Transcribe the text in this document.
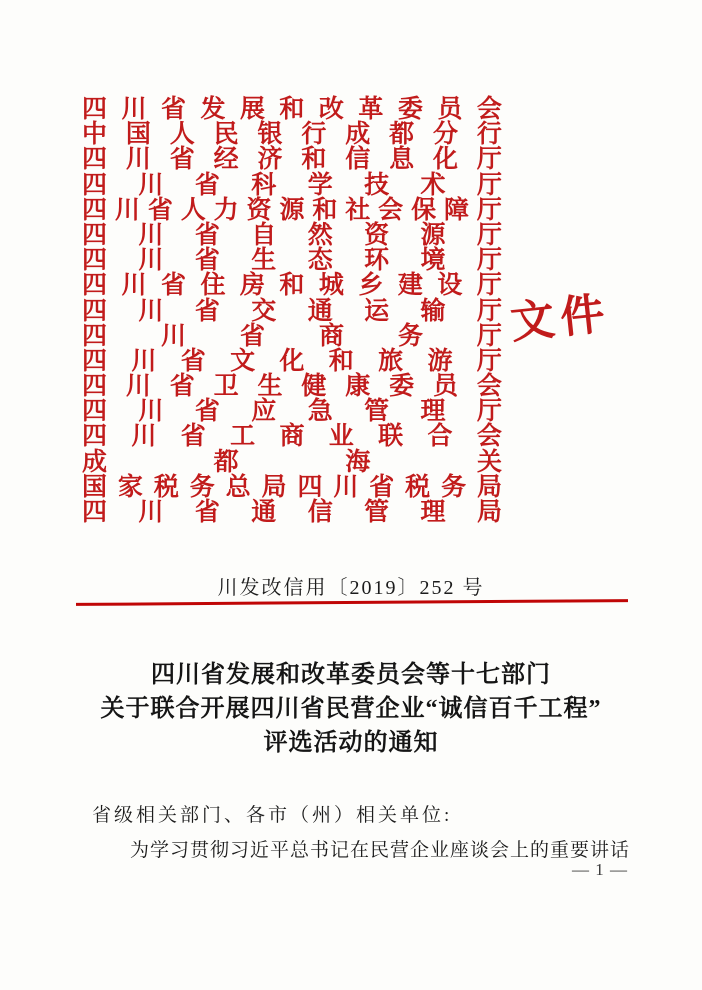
四 川 省 发 展 和 改 革 委 员 会
中 国 人 民 银 行 成 都 分 行
四 川 省 经 济 和 信 息 化 厅
四 川 省 科 学 技 术 厅
四 川 省 人 力 资 源 和 社 会 保 障 厅
四 川 省 自 然 资 源 厅
四 川 省 生 态 环 境 厅
四 川 省 住 房 和 城 乡 建 设 厅
四 川 省 交 通 运 输 厅
四 川 省 商 务 厅
四 川 省 文 化 和 旅 游 厅
四 川 省 卫 生 健 康 委 员 会
四 川 省 应 急 管 理 厅
四 川 省 工 商 业 联 合 会
成	都	海	关
国 家 税 务 总 局 四 川 省 税 务 局
四 川 省 通 信 管 理 局
文件
川发改信用〔2019〕252 号
四川省发展和改革委员会等十七部门
关于联合开展四川省民营企业“诚信百千工程”
评选活动的通知
省级相关部门、各市（州）相关单位:
为学习贯彻习近平总书记在民营企业座谈会上的重要讲话
— 1 —
